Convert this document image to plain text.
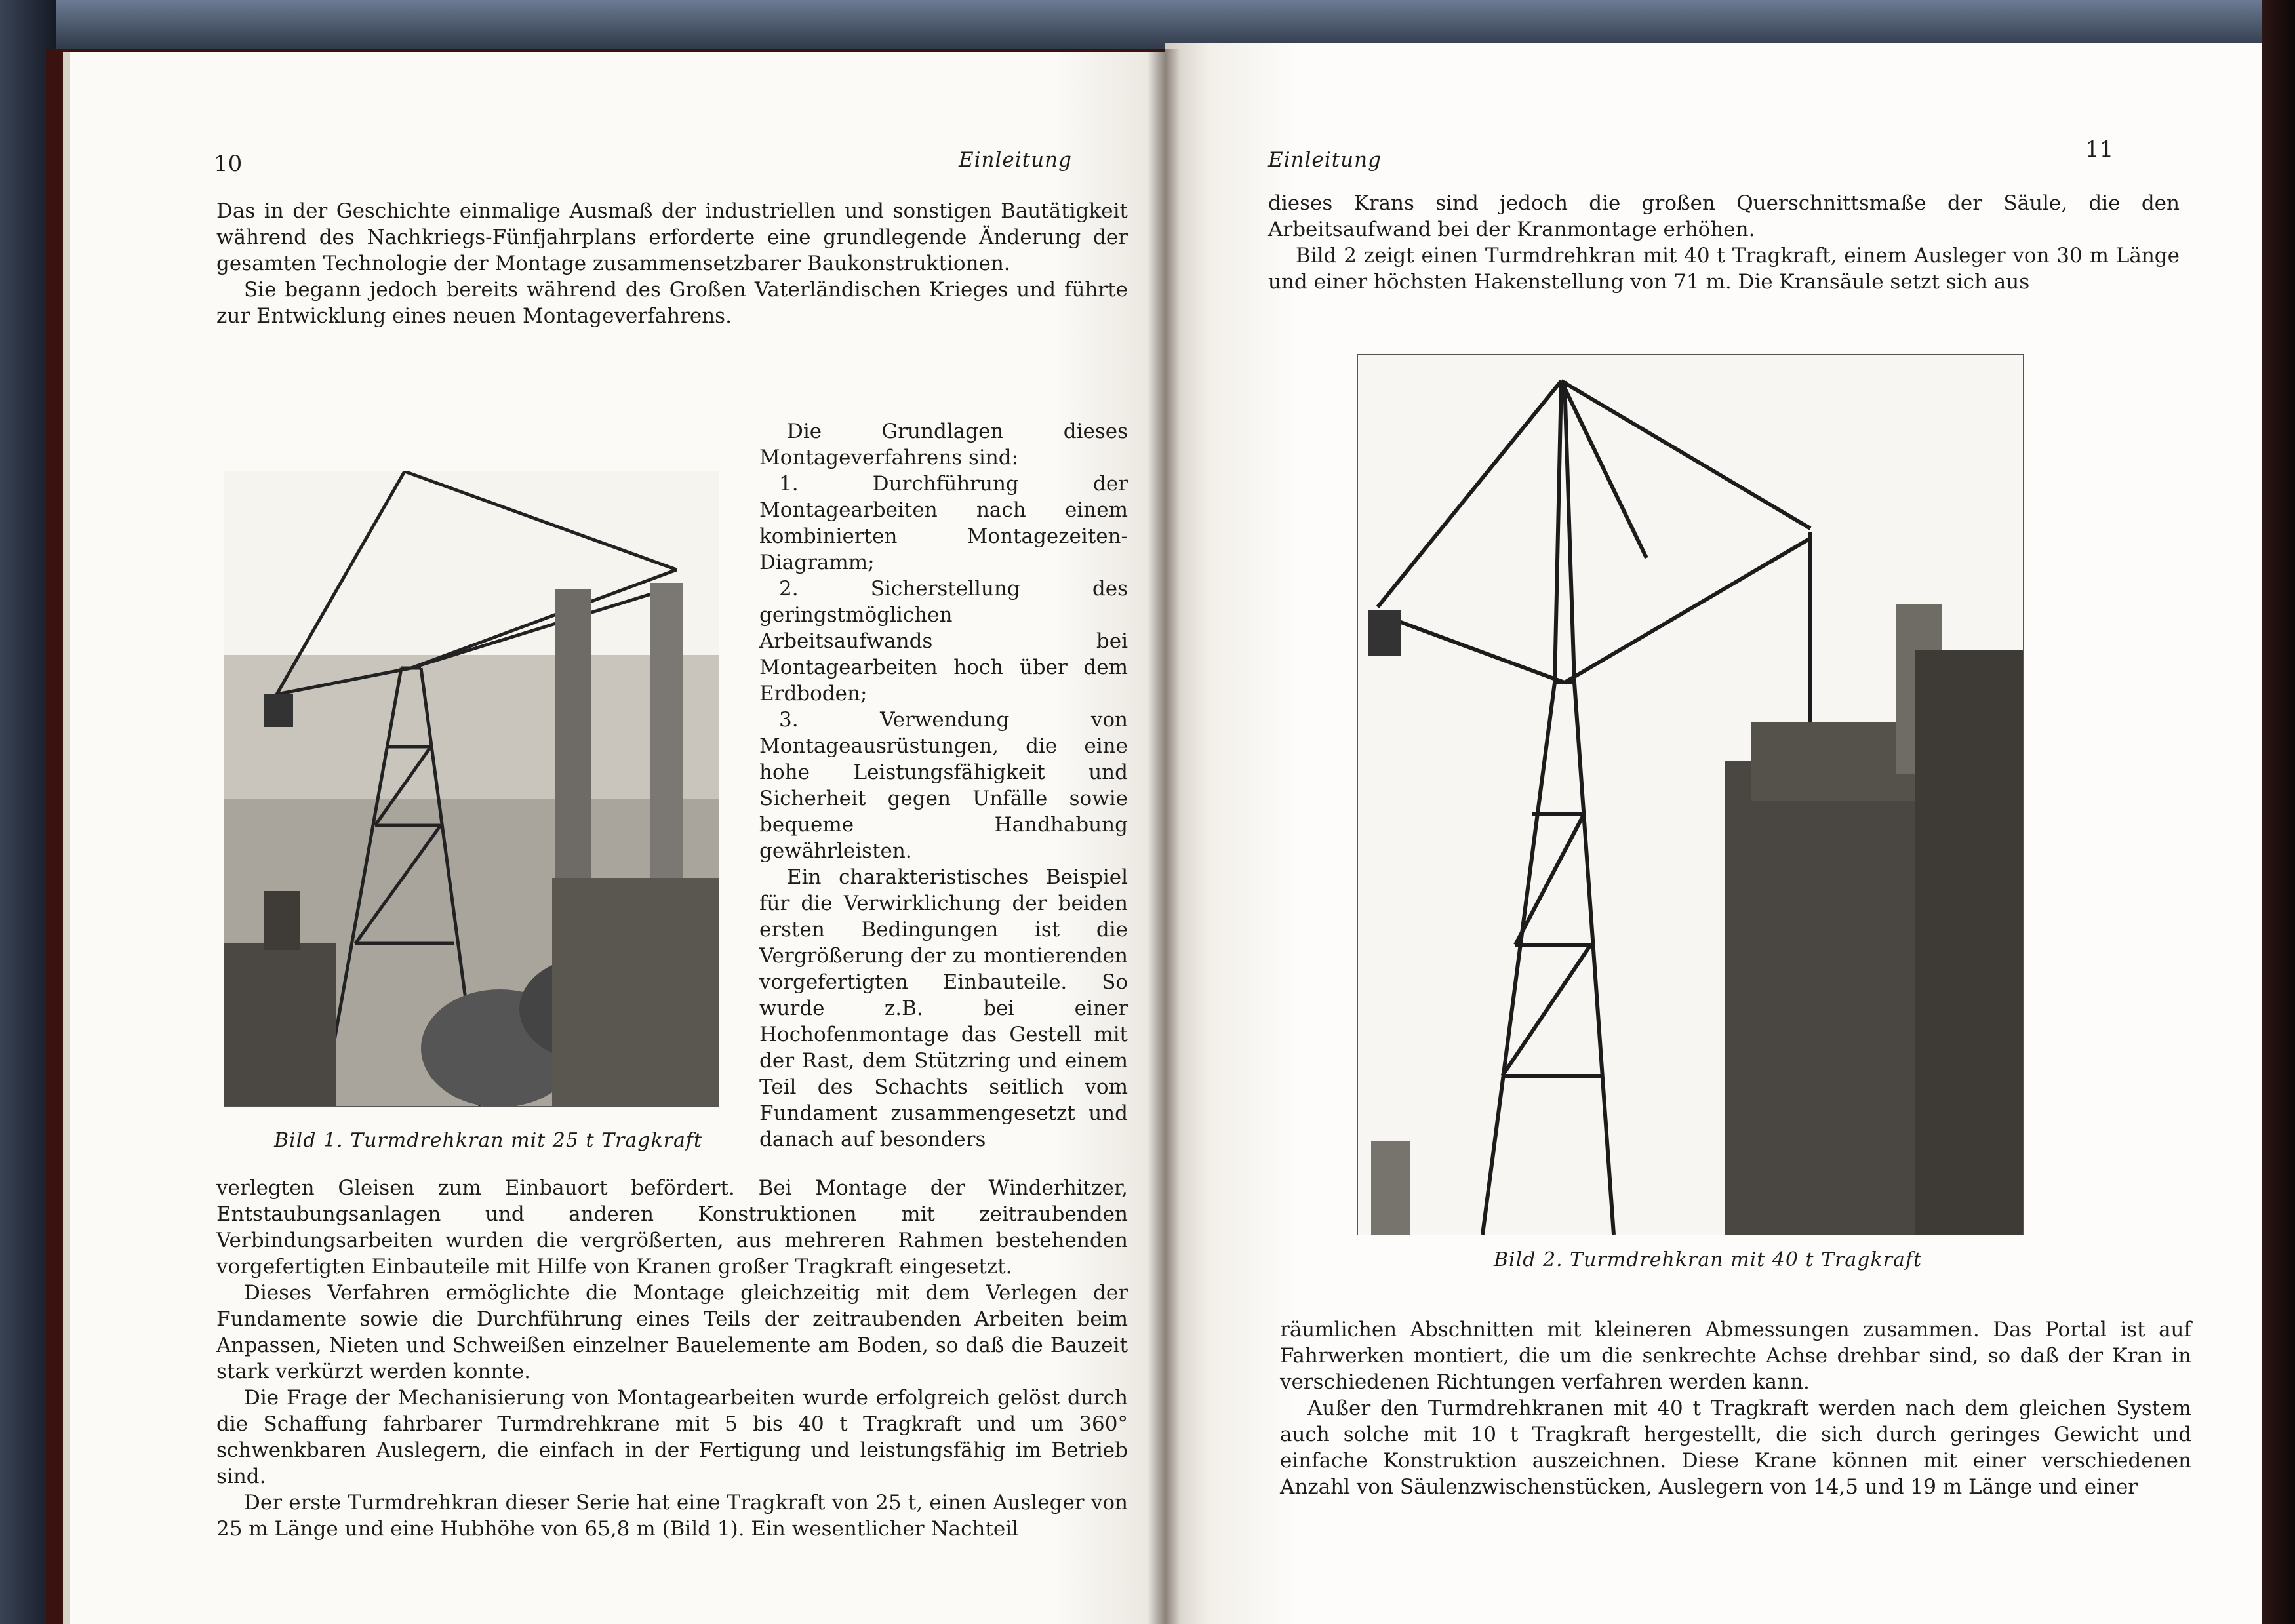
10	Einleitung

Das in der Geschichte einmalige Ausmaß der industriellen und sonstigen Bautätigkeit während des Nachkriegs-Fünfjahrplans erforderte eine grundlegende Änderung der gesamten Technologie der Montage zusammensetzbarer Baukonstruktionen.

Sie begann jedoch bereits während des Großen Vaterländischen Krieges und führte zur Entwicklung eines neuen Montageverfahrens.

Bild 1. Turmdrehkran mit 25 t Tragkraft

Die Grundlagen dieses Montageverfahrens sind:

1. Durchführung der Montagearbeiten nach einem kombinierten Montagezeiten-Diagramm;

2. Sicherstellung des geringstmöglichen Arbeitsaufwands bei Montagearbeiten hoch über dem Erdboden;

3. Verwendung von Montageausrüstungen, die eine hohe Leistungsfähigkeit und Sicherheit gegen Unfälle sowie bequeme Handhabung gewährleisten.

Ein charakteristisches Beispiel für die Verwirklichung der beiden ersten Bedingungen ist die Vergrößerung der zu montierenden vorgefertigten Einbauteile. So wurde z.B. bei einer Hochofenmontage das Gestell mit der Rast, dem Stützring und einem Teil des Schachts seitlich vom Fundament zusammengesetzt und danach auf besonders

verlegten Gleisen zum Einbauort befördert. Bei Montage der Winderhitzer, Entstaubungsanlagen und anderen Konstruktionen mit zeitraubenden Verbindungsarbeiten wurden die vergrößerten, aus mehreren Rahmen bestehenden vorgefertigten Einbauteile mit Hilfe von Kranen großer Tragkraft eingesetzt.

Dieses Verfahren ermöglichte die Montage gleichzeitig mit dem Verlegen der Fundamente sowie die Durchführung eines Teils der zeitraubenden Arbeiten beim Anpassen, Nieten und Schweißen einzelner Bauelemente am Boden, so daß die Bauzeit stark verkürzt werden konnte.

Die Frage der Mechanisierung von Montagearbeiten wurde erfolgreich gelöst durch die Schaffung fahrbarer Turmdrehkrane mit 5 bis 40 t Tragkraft und um 360° schwenkbaren Auslegern, die einfach in der Fertigung und leistungsfähig im Betrieb sind.

Der erste Turmdrehkran dieser Serie hat eine Tragkraft von 25 t, einen Ausleger von 25 m Länge und eine Hubhöhe von 65,8 m (Bild 1). Ein wesentlicher Nachteil

Einleitung	11

dieses Krans sind jedoch die großen Querschnittsmaße der Säule, die den Arbeitsaufwand bei der Kranmontage erhöhen.

Bild 2 zeigt einen Turmdrehkran mit 40 t Tragkraft, einem Ausleger von 30 m Länge und einer höchsten Hakenstellung von 71 m. Die Kransäule setzt sich aus

Bild 2. Turmdrehkran mit 40 t Tragkraft

räumlichen Abschnitten mit kleineren Abmessungen zusammen. Das Portal ist auf Fahrwerken montiert, die um die senkrechte Achse drehbar sind, so daß der Kran in verschiedenen Richtungen verfahren werden kann.

Außer den Turmdrehkranen mit 40 t Tragkraft werden nach dem gleichen System auch solche mit 10 t Tragkraft hergestellt, die sich durch geringes Gewicht und einfache Konstruktion auszeichnen. Diese Krane können mit einer verschiedenen Anzahl von Säulenzwischenstücken, Auslegern von 14,5 und 19 m Länge und einer
